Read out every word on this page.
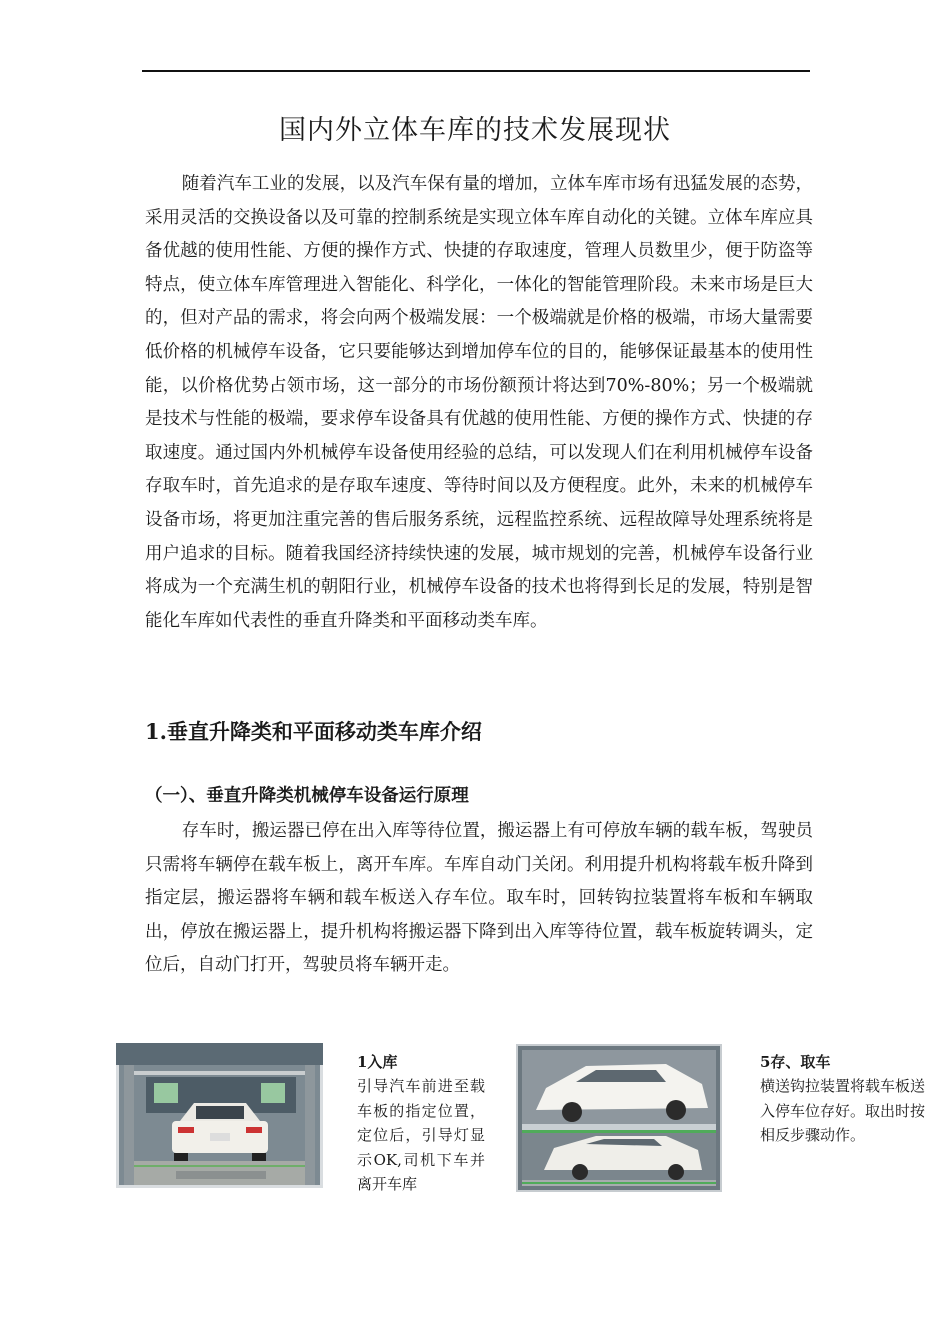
国内外立体车库的技术发展现状

随着汽车工业的发展，以及汽车保有量的增加，立体车库市场有迅猛发展的态势，采用灵活的交换设备以及可靠的控制系统是实现立体车库自动化的关键。立体车库应具备优越的使用性能、方便的操作方式、快捷的存取速度，管理人员数里少，便于防盗等特点，使立体车库管理进入智能化、科学化，一体化的智能管理阶段。未来市场是巨大的，但对产品的需求，将会向两个极端发展：一个极端就是价格的极端，市场大量需要低价格的机械停车设备，它只要能够达到增加停车位的目的，能够保证最基本的使用性能，以价格优势占领市场，这一部分的市场份额预计将达到70%-80%；另一个极端就是技术与性能的极端，要求停车设备具有优越的使用性能、方便的操作方式、快捷的存取速度。通过国内外机械停车设备使用经验的总结，可以发现人们在利用机械停车设备存取车时，首先追求的是存取车速度、等待时间以及方便程度。此外，未来的机械停车设备市场，将更加注重完善的售后服务系统，远程监控系统、远程故障导处理系统将是用户追求的目标。随着我国经济持续快速的发展，城市规划的完善，机械停车设备行业将成为一个充满生机的朝阳行业，机械停车设备的技术也将得到长足的发展，特别是智能化车库如代表性的垂直升降类和平面移动类车库。

1.垂直升降类和平面移动类车库介绍
（一）、垂直升降类机械停车设备运行原理

存车时，搬运器已停在出入库等待位置，搬运器上有可停放车辆的载车板，驾驶员只需将车辆停在载车板上，离开车库。车库自动门关闭。利用提升机构将载车板升降到指定层，搬运器将车辆和载车板送入存车位。取车时，回转钩拉装置将车板和车辆取出，停放在搬运器上，提升机构将搬运器下降到出入库等待位置，载车板旋转调头，定位后，自动门打开，驾驶员将车辆开走。

1入库
引导汽车前进至载车板的指定位置，定位后，引导灯显示OK,司机下车并离开车库
5存、取车
横送钩拉装置将载车板送入停车位存好。取出时按相反步骤动作。
